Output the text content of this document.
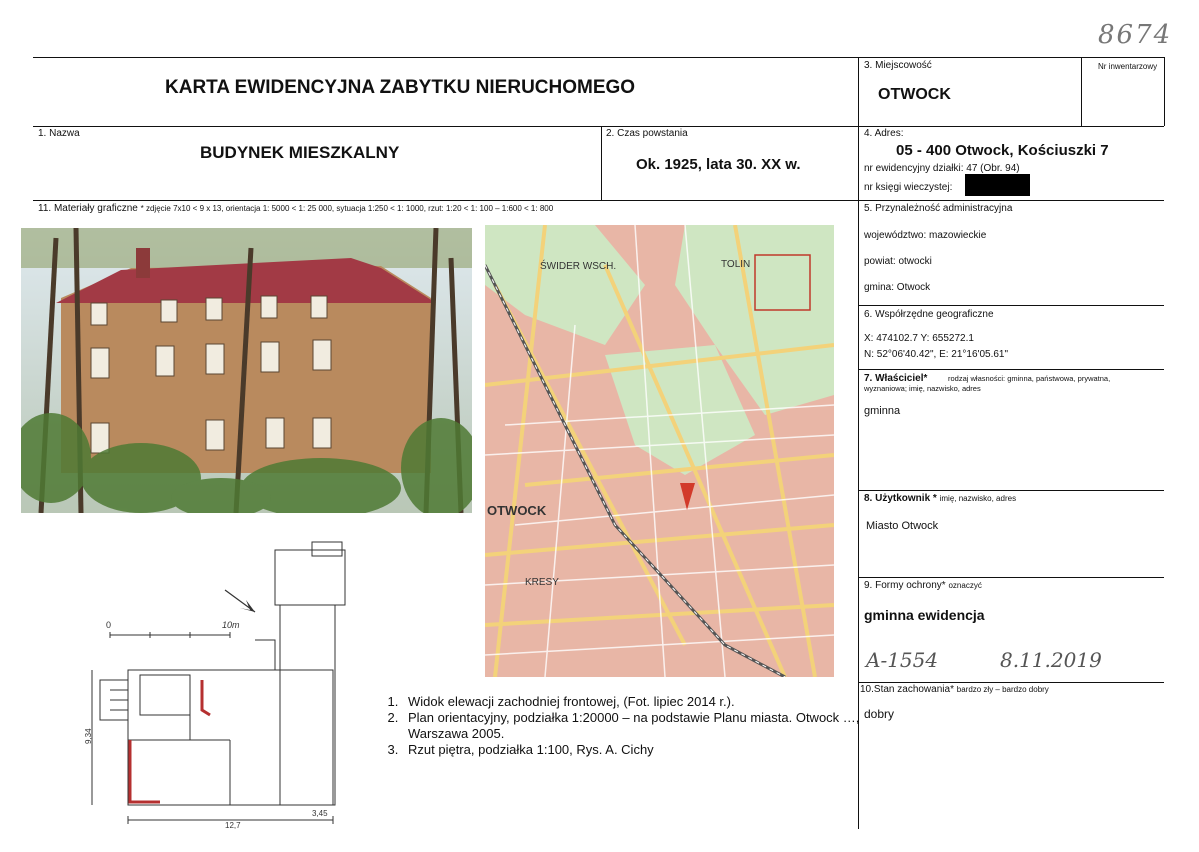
8674
KARTA EWIDENCYJNA ZABYTKU NIERUCHOMEGO
3. Miejscowość
OTWOCK
Nr inwentarzowy
1. Nazwa
BUDYNEK MIESZKALNY
2. Czas powstania
Ok. 1925, lata 30. XX w.
4. Adres:
05 - 400 Otwock, Kościuszki 7
nr ewidencyjny działki: 47 (Obr. 94)
nr księgi wieczystej:
11. Materiały graficzne * zdjęcie 7x10 < 9 x 13, orientacja 1: 5000 < 1: 25 000, sytuacja 1:250 < 1: 1000, rzut: 1:20 < 1: 100 – 1:600 < 1: 800
ŚWIDER WSCH.	TOLIN
OTWOCK
KRESY
0	10m
12,7
3,45
9,34
1. Widok elewacji zachodniej frontowej, (Fot. lipiec 2014 r.).
2. Plan orientacyjny, podziałka 1:20000 – na podstawie Planu miasta. Otwock …, Warszawa 2005.
3. Rzut piętra, podziałka 1:100, Rys. A. Cichy
5. Przynależność administracyjna
województwo: mazowieckie
powiat: otwocki
gmina: Otwock
6. Współrzędne geograficzne
X: 474102.7 Y: 655272.1
N: 52°06'40.42", E: 21°16'05.61"
7. Właściciel*	rodzaj własności: gminna, państwowa, prywatna, wyznaniowa; imię, nazwisko, adres
gminna
8. Użytkownik * imię, nazwisko, adres
Miasto Otwock
9. Formy ochrony* oznaczyć
gminna ewidencja
A-1554	8.11.2019
10.Stan zachowania* bardzo zły – bardzo dobry
dobry
